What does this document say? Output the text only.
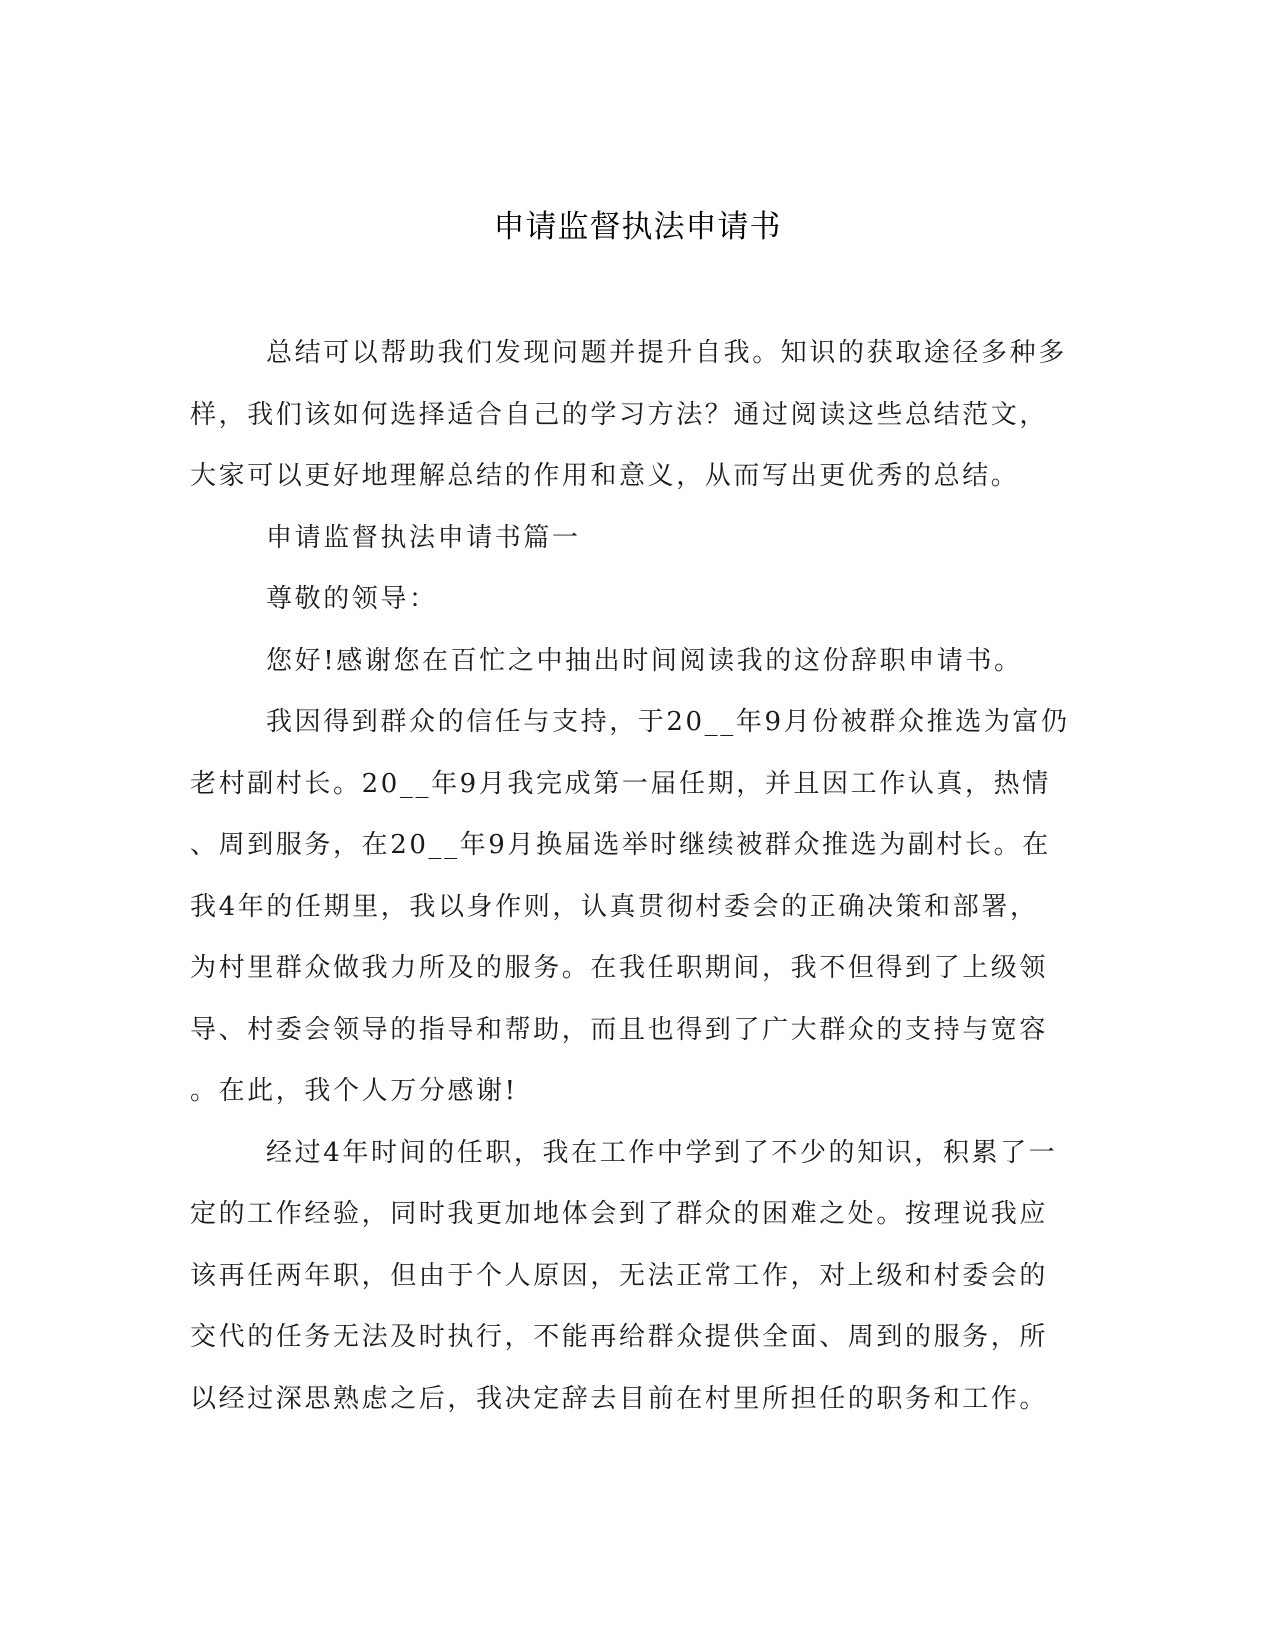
申请监督执法申请书
总结可以帮助我们发现问题并提升自我。知识的获取途径多种多
样，我们该如何选择适合自己的学习方法？通过阅读这些总结范文，
大家可以更好地理解总结的作用和意义，从而写出更优秀的总结。
申请监督执法申请书篇一
尊敬的领导：
您好!感谢您在百忙之中抽出时间阅读我的这份辞职申请书。
我因得到群众的信任与支持，于20__年9月份被群众推选为富仍
老村副村长。20__年9月我完成第一届任期，并且因工作认真，热情
、周到服务，在20__年9月换届选举时继续被群众推选为副村长。在
我4年的任期里，我以身作则，认真贯彻村委会的正确决策和部署，
为村里群众做我力所及的服务。在我任职期间，我不但得到了上级领
导、村委会领导的指导和帮助，而且也得到了广大群众的支持与宽容
。在此，我个人万分感谢!
经过4年时间的任职，我在工作中学到了不少的知识，积累了一
定的工作经验，同时我更加地体会到了群众的困难之处。按理说我应
该再任两年职，但由于个人原因，无法正常工作，对上级和村委会的
交代的任务无法及时执行，不能再给群众提供全面、周到的服务，所
以经过深思熟虑之后，我决定辞去目前在村里所担任的职务和工作。
